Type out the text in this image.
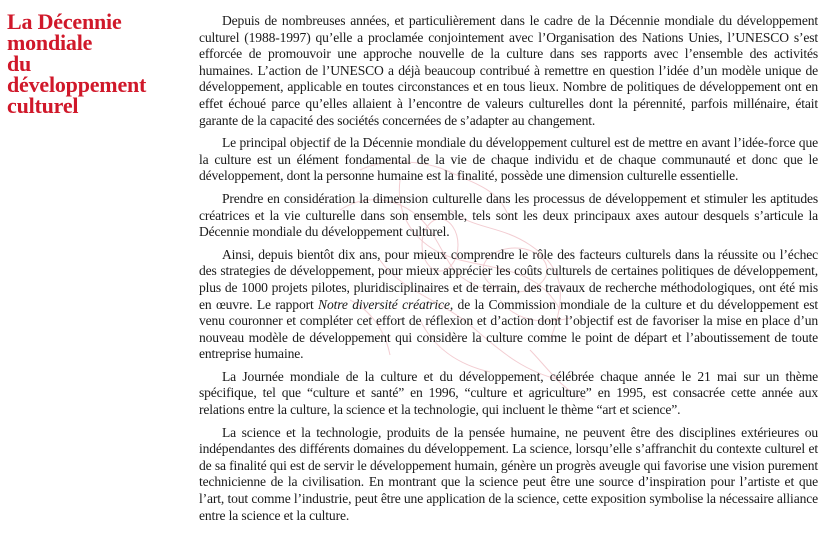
La Décennie
mondiale
du
développement
culturel

Depuis de nombreuses années, et particulièrement dans le cadre de la Décennie mondiale du développement culturel (1988-1997) qu’elle a proclamée conjointement avec l’Organisation des Nations Unies, l’UNESCO s’est efforcée de promouvoir une approche nouvelle de la culture dans ses rapports avec l’ensemble des activités humaines. L’action de l’UNESCO a déjà beaucoup contribué à remettre en question l’idée d’un modèle unique de développement, applicable en toutes circonstances et en tous lieux. Nombre de politiques de développement ont en effet échoué parce qu’elles allaient à l’encontre de valeurs culturelles dont la pérennité, parfois millénaire, était garante de la capacité des sociétés concernées de s’adapter au changement.

Le principal objectif de la Décennie mondiale du développement culturel est de mettre en avant l’idée-force que la culture est un élément fondamental de la vie de chaque individu et de chaque communauté et donc que le développement, dont la personne humaine est la finalité, possède une dimension culturelle essentielle.

Prendre en considération la dimension culturelle dans les processus de développement et stimuler les aptitudes créatrices et la vie culturelle dans son ensemble, tels sont les deux principaux axes autour desquels s’articule la Décennie mondiale du développement culturel.

Ainsi, depuis bientôt dix ans, pour mieux comprendre le rôle des facteurs culturels dans la réussite ou l’échec des strategies de développement, pour mieux apprécier les coûts culturels de certaines politiques de développement, plus de 1000 projets pilotes, pluridisciplinaires et de terrain, des travaux de recherche méthodologiques, ont été mis en œuvre. Le rapport Notre diversité créatrice, de la Commission mondiale de la culture et du développement est venu couronner et compléter cet effort de réflexion et d’action dont l’objectif est de favoriser la mise en place d’un nouveau modèle de développement qui considère la culture comme le point de départ et l’aboutissement de toute entreprise humaine.

La Journée mondiale de la culture et du développement, célébrée chaque année le 21 mai sur un thème spécifique, tel que “culture et santé” en 1996, “culture et agriculture” en 1995, est consacrée cette année aux relations entre la culture, la science et la technologie, qui incluent le thème “art et science”.

La science et la technologie, produits de la pensée humaine, ne peuvent être des disciplines extérieures ou indépendantes des différents domaines du développement. La science, lorsqu’elle s’affranchit du contexte culturel et de sa finalité qui est de servir le développement humain, génère un progrès aveugle qui favorise une vision purement technicienne de la civilisation. En montrant que la science peut être une source d’inspiration pour l’artiste et que l’art, tout comme l’industrie, peut être une application de la science, cette exposition symbolise la nécessaire alliance entre la science et la culture.
